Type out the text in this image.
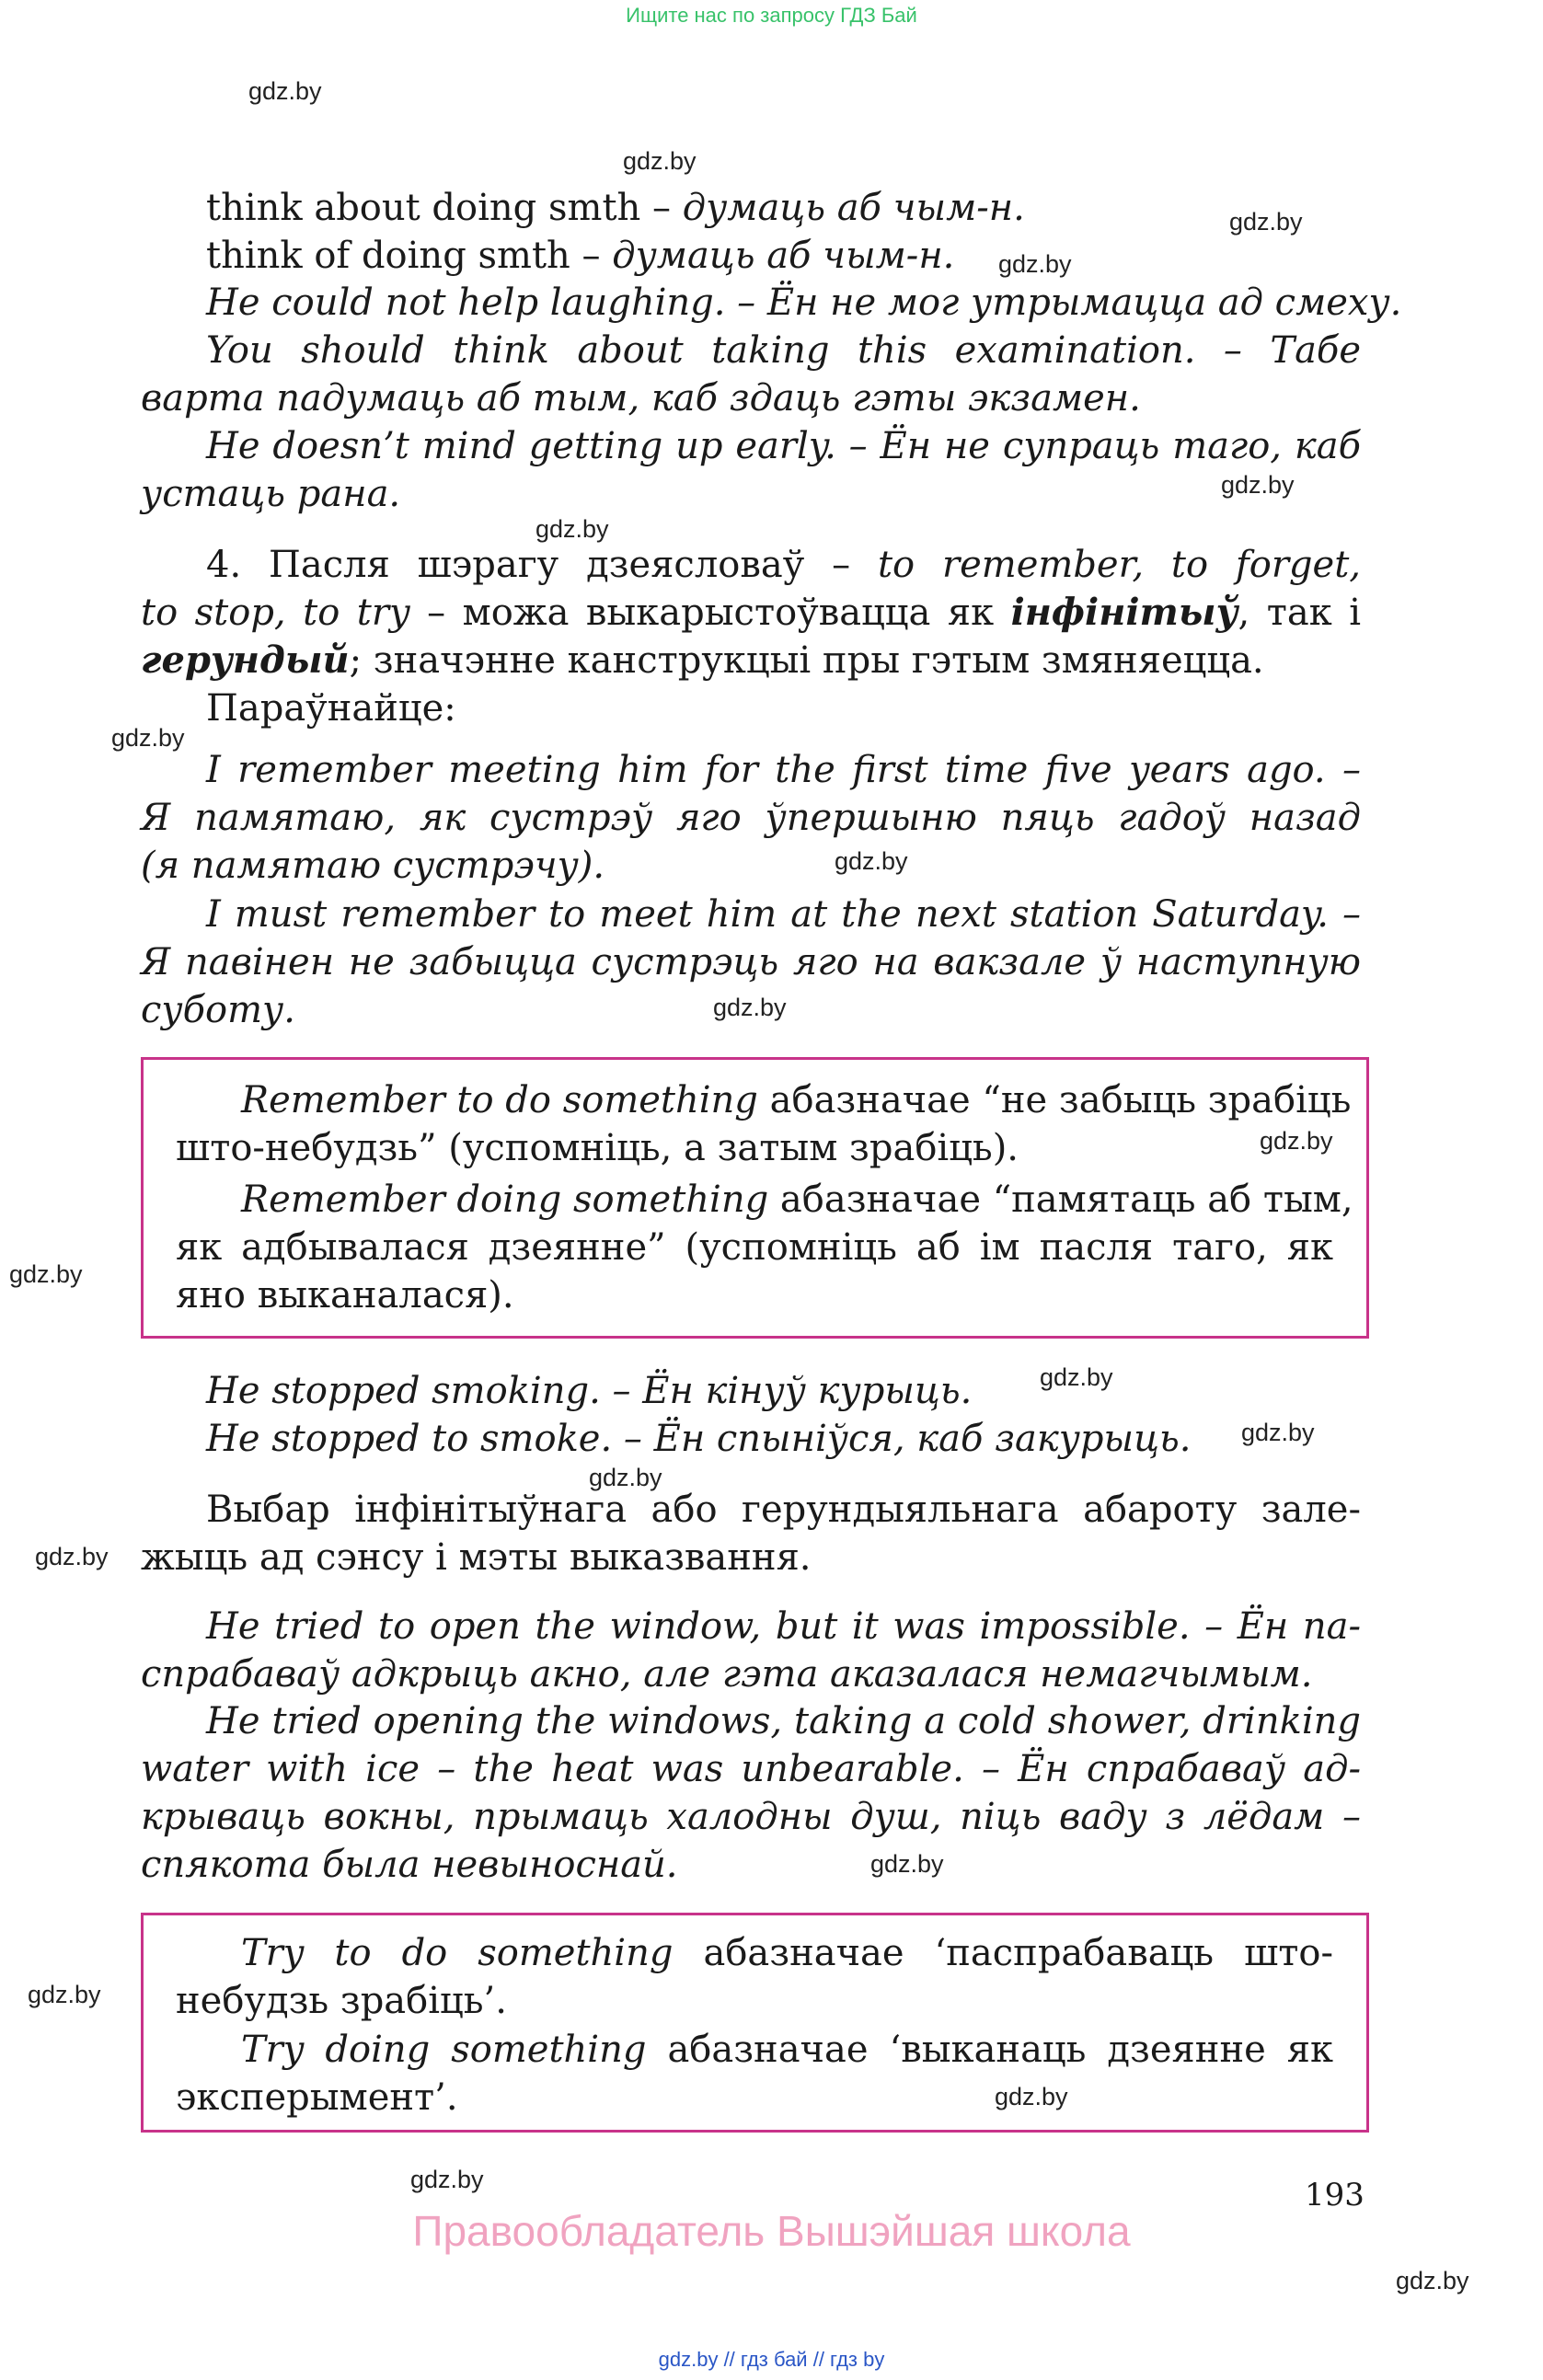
Ищите нас по запросу ГДЗ Бай
gdz.by
gdz.by
gdz.by
gdz.by
gdz.by
gdz.by
gdz.by
gdz.by
gdz.by
gdz.by
gdz.by
gdz.by
gdz.by
gdz.by
gdz.by
gdz.by
gdz.by
gdz.by
gdz.by
gdz.by
think about doing smth – думаць аб чым-н.
think of doing smth – думаць аб чым-н.
He could not help laughing. – Ён не мог утрымацца ад смеху.
You should think about taking this examination. – Табе
варта падумаць аб тым, каб здаць гэты экзамен.
He doesn’t mind getting up early. – Ён не супраць таго, каб
устаць рана.
4. Пасля шэрагу дзеясловаў – to remember, to forget,
to stop, to try – можа выкарыстоўвацца як інфінітыў, так і
герундый; значэнне канструкцыі пры гэтым змяняецца.
Параўнайце:
I remember meeting him for the first time five years ago. –
Я памятаю, як сустрэў яго ўпершыню пяць гадоў назад
(я памятаю сустрэчу).
I must remember to meet him at the next station Saturday. –
Я павінен не забыцца сустрэць яго на вакзале ў наступную
суботу.
Remember to do something абазначае “не забыць зрабіць
што-небудзь” (успомніць, а затым зрабіць).
Remember doing something абазначае “памятаць аб тым,
як адбывалася дзеянне” (успомніць аб ім пасля таго, як
яно выканалася).
He stopped smoking. – Ён кінуў курыць.
He stopped to smoke. – Ён спыніўся, каб закурыць.
Выбар інфінітыўнага або герундыяльнага абароту зале-
жыць ад сэнсу і мэты выказвання.
He tried to open the window, but it was impossible. – Ён па-
спрабаваў адкрыць акно, але гэта аказалася немагчымым.
He tried opening the windows, taking a cold shower, drinking
water with ice – the heat was unbearable. – Ён спрабаваў ад-
крываць вокны, прымаць халодны душ, піць ваду з лёдам –
спякота была невыноснай.
Try to do something абазначае ‘паспрабаваць што-
небудзь зрабіць’.
Try doing something абазначае ‘выканаць дзеянне як
эксперымент’.
193
Правообладатель Вышэйшая школа
gdz.by // гдз бай // гдз by
